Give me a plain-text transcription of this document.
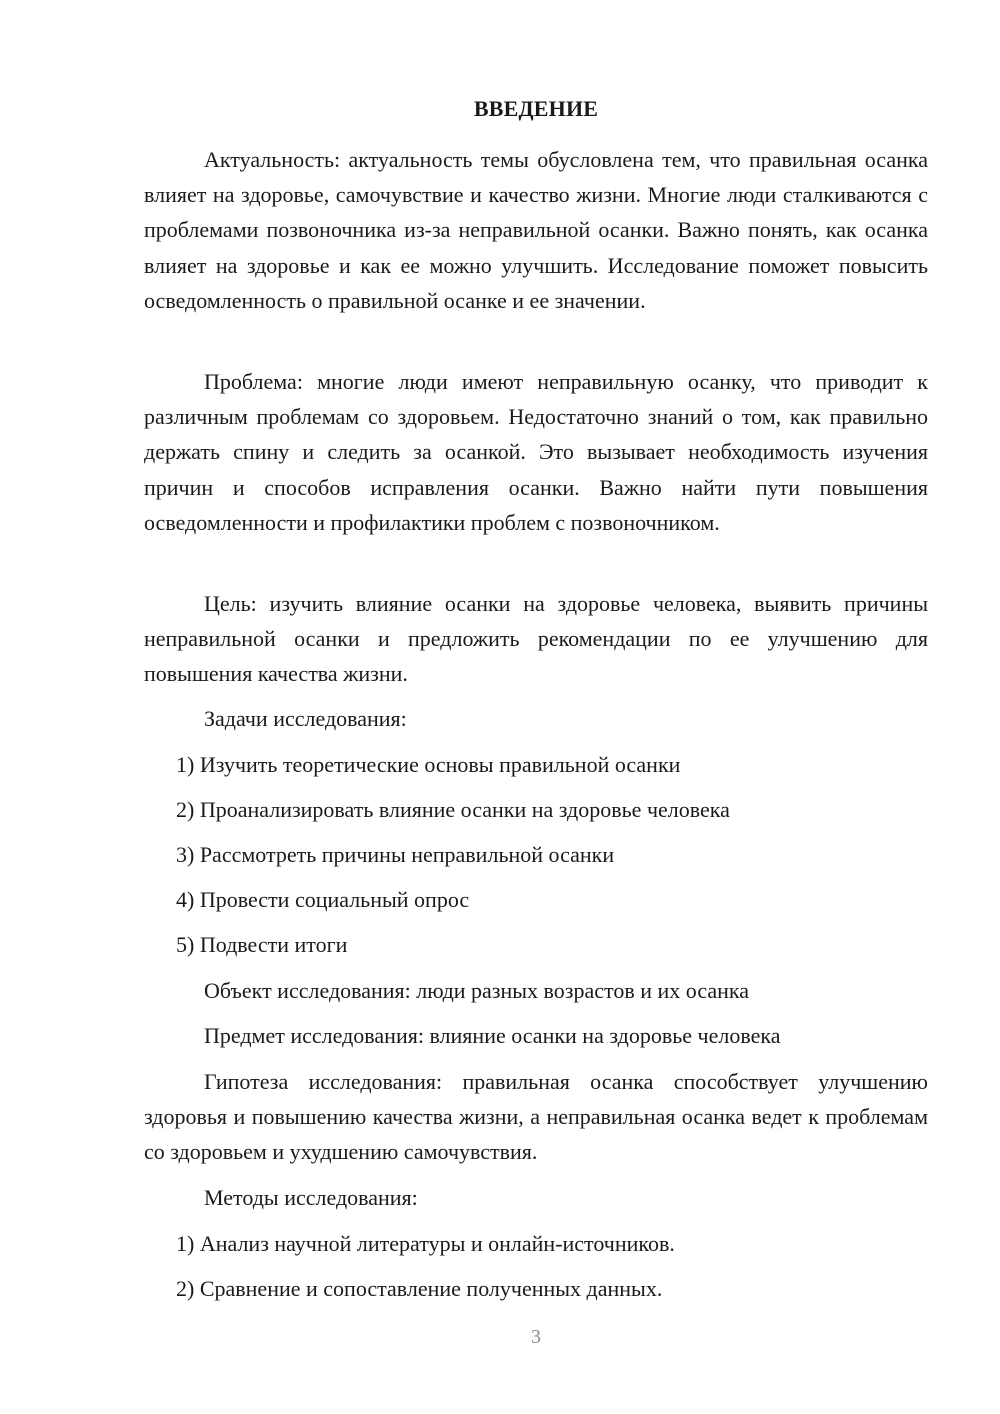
ВВЕДЕНИЕ

Актуальность: актуальность темы обусловлена тем, что правильная осанка влияет на здоровье, самочувствие и качество жизни. Многие люди сталкиваются с проблемами позвоночника из-за неправильной осанки. Важно понять, как осанка влияет на здоровье и как ее можно улучшить. Исследование поможет повысить осведомленность о правильной осанке и ее значении.

Проблема: многие люди имеют неправильную осанку, что приводит к различным проблемам со здоровьем. Недостаточно знаний о том, как правильно держать спину и следить за осанкой. Это вызывает необходимость изучения причин и способов исправления осанки. Важно найти пути повышения осведомленности и профилактики проблем с позвоночником.

Цель: изучить влияние осанки на здоровье человека, выявить причины неправильной осанки и предложить рекомендации по ее улучшению для повышения качества жизни.

Задачи исследования:
1) Изучить теоретические основы правильной осанки
2) Проанализировать влияние осанки на здоровье человека
3) Рассмотреть причины неправильной осанки
4) Провести социальный опрос
5) Подвести итоги
Объект исследования: люди разных возрастов и их осанка
Предмет исследования: влияние осанки на здоровье человека

Гипотеза исследования: правильная осанка способствует улучшению здоровья и повышению качества жизни, а неправильная осанка ведет к проблемам со здоровьем и ухудшению самочувствия.

Методы исследования:
1) Анализ научной литературы и онлайн-источников.
2) Сравнение и сопоставление полученных данных.
3
